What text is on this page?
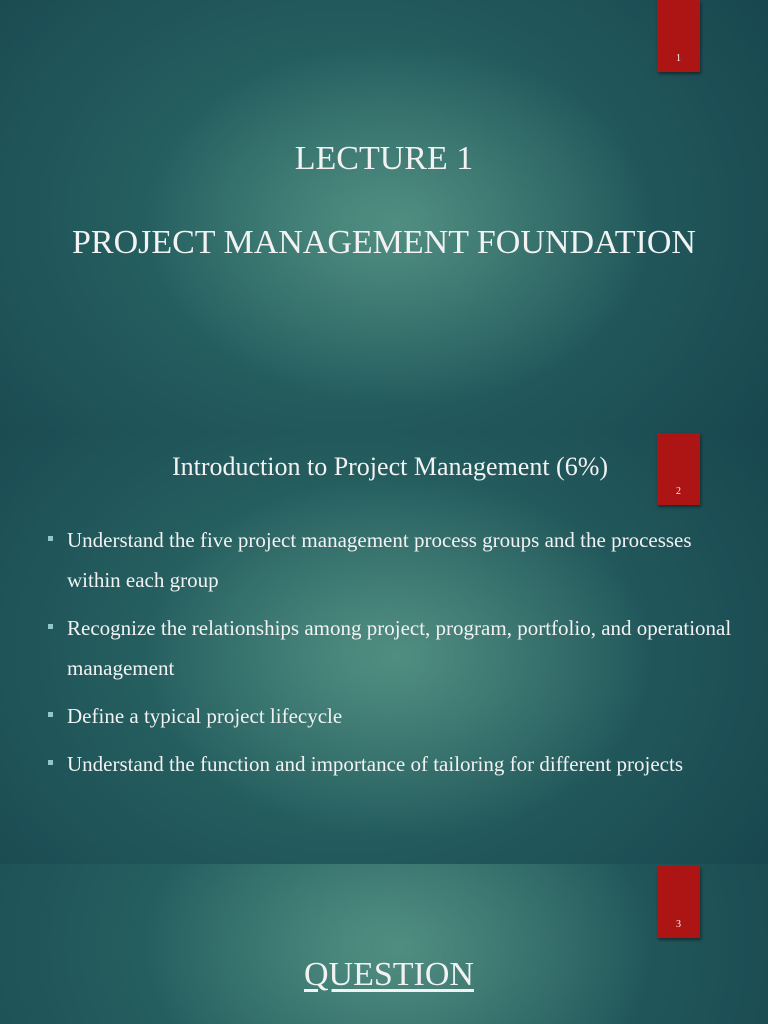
1
LECTURE 1
PROJECT MANAGEMENT FOUNDATION
2
Introduction to Project Management (6%)
Understand the five project management process groups and the processes within each group
Recognize the relationships among project, program, portfolio, and operational management
Define a typical project lifecycle
Understand the function and importance of tailoring for different projects
3
QUESTION
